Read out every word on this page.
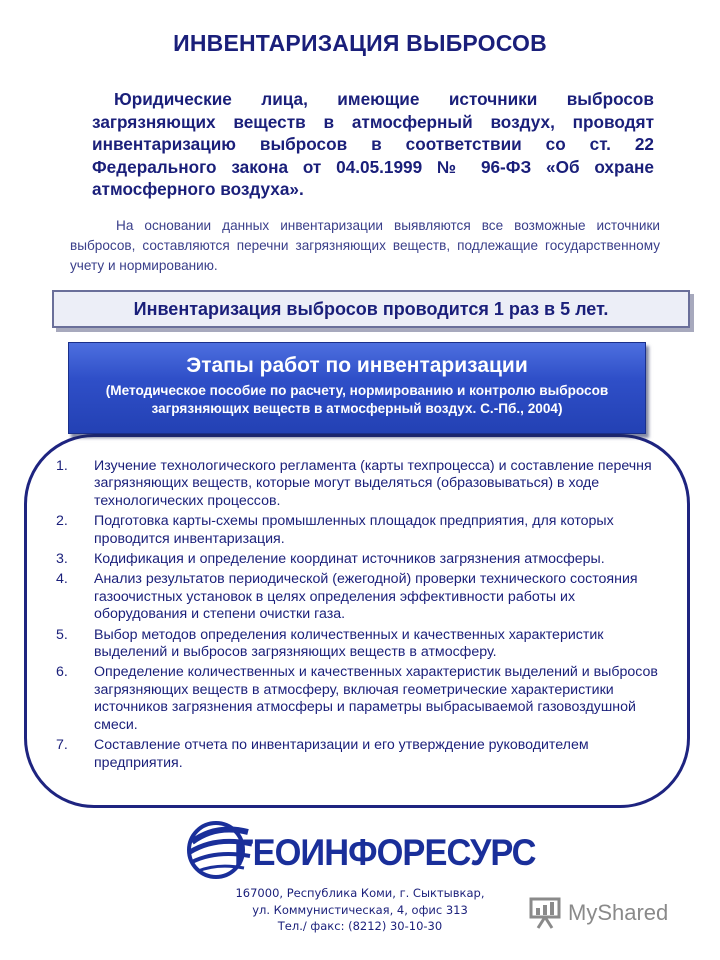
ИНВЕНТАРИЗАЦИЯ ВЫБРОСОВ
Юридические лица, имеющие источники выбросов загрязняющих веществ в атмосферный воздух, проводят инвентаризацию выбросов в соответствии со ст. 22 Федерального закона от 04.05.1999 № 96-ФЗ «Об охране атмосферного воздуха».
На основании данных инвентаризации выявляются все возможные источники выбросов, составляются перечни загрязняющих веществ, подлежащие государственному учету и нормированию.
Инвентаризация выбросов проводится 1 раз в 5 лет.
Этапы работ по инвентаризации
(Методическое пособие по расчету, нормированию и контролю выбросов загрязняющих веществ в атмосферный воздух. С.-Пб., 2004)
1. Изучение технологического регламента (карты техпроцесса) и составление перечня загрязняющих веществ, которые могут выделяться (образовываться) в ходе технологических процессов.
2. Подготовка карты-схемы промышленных площадок предприятия, для которых проводится инвентаризация.
3. Кодификация и определение координат источников загрязнения атмосферы.
4. Анализ результатов периодической (ежегодной) проверки технического состояния газоочистных установок в целях определения эффективности работы их оборудования и степени очистки газа.
5. Выбор методов определения количественных и качественных характеристик выделений и выбросов загрязняющих веществ в атмосферу.
6. Определение количественных и качественных характеристик выделений и выбросов загрязняющих веществ в атмосферу, включая геометрические характеристики источников загрязнения атмосферы и параметры выбрасываемой газовоздушной смеси.
7. Составление отчета по инвентаризации и его утверждение руководителем предприятия.
ГЕОИНФОРЕСУРС
167000, Республика Коми, г. Сыктывкар,
ул. Коммунистическая, 4, офис 313
Тел./ факс: (8212) 30-10-30
MyShared
